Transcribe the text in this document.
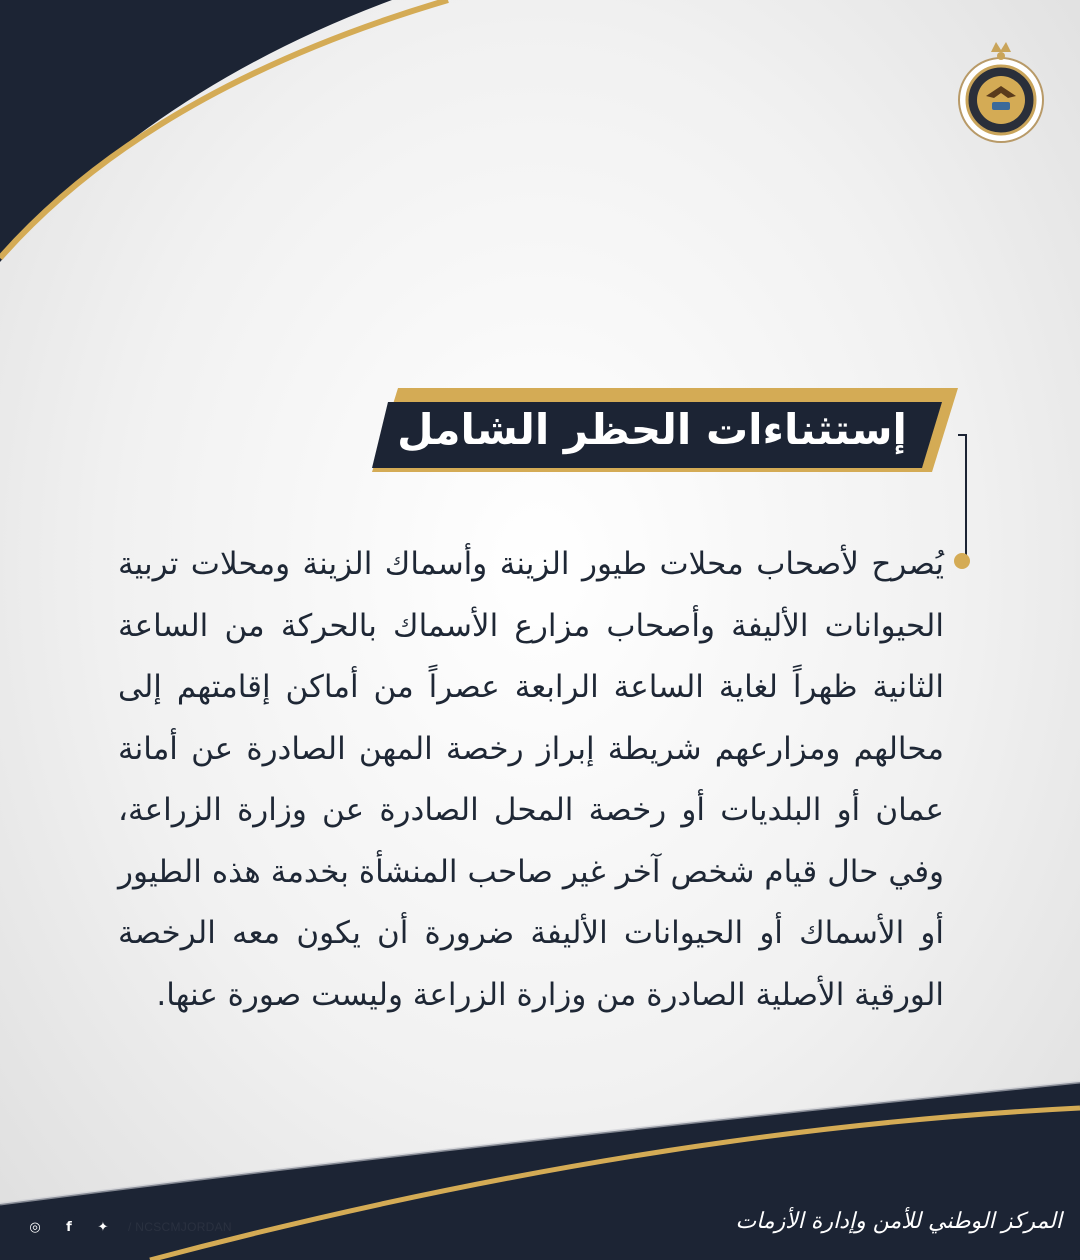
إستثناءات الحظر الشامل
يُصرح لأصحاب محلات طيور الزينة وأسماك الزينة ومحلات تربية الحيوانات الأليفة وأصحاب مزارع الأسماك بالحركة من الساعة الثانية ظهراً لغاية الساعة الرابعة عصراً من أماكن إقامتهم إلى محالهم ومزارعهم شريطة إبراز رخصة المهن الصادرة عن أمانة عمان أو البلديات أو رخصة المحل الصادرة عن وزارة الزراعة، وفي حال قيام شخص آخر غير صاحب المنشأة بخدمة هذه الطيور أو الأسماك أو الحيوانات الأليفة ضرورة أن يكون معه الرخصة الورقية الأصلية الصادرة من وزارة الزراعة وليست صورة عنها.
المركز الوطني للأمن وإدارة الأزمات
◎	f	✦	/ NCSCMJORDAN
